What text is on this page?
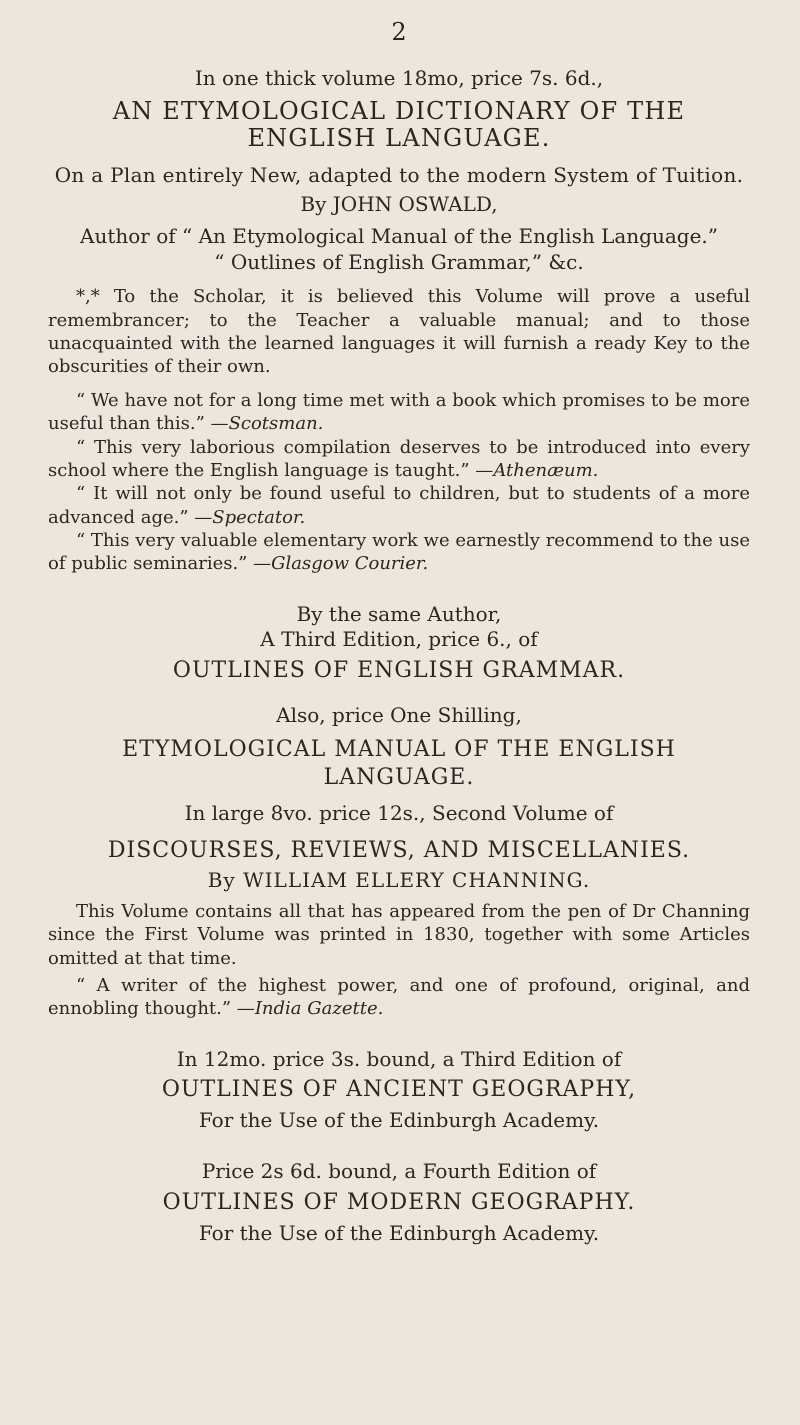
2

In one thick volume 18mo, price 7s. 6d.,

AN ETYMOLOGICAL DICTIONARY OF THE ENGLISH LANGUAGE.

On a Plan entirely New, adapted to the modern System of Tuition.

By JOHN OSWALD,

Author of “ An Etymological Manual of the English Language.”

“ Outlines of English Grammar,” &c.

*,* To the Scholar, it is believed this Volume will prove a useful remembrancer; to the Teacher a valuable manual; and to those unacquainted with the learned languages it will furnish a ready Key to the obscurities of their own.

“ We have not for a long time met with a book which promises to be more useful than this.” —Scotsman.

“ This very laborious compilation deserves to be introduced into every school where the English language is taught.” —Athenæum.

“ It will not only be found useful to children, but to students of a more advanced age.” —Spectator.

“ This very valuable elementary work we earnestly recommend to the use of public seminaries.” —Glasgow Courier.

By the same Author,

A Third Edition, price 6., of

OUTLINES OF ENGLISH GRAMMAR.

Also, price One Shilling,

ETYMOLOGICAL MANUAL OF THE ENGLISH LANGUAGE.

In large 8vo. price 12s., Second Volume of

DISCOURSES, REVIEWS, AND MISCELLANIES.

By WILLIAM ELLERY CHANNING.

This Volume contains all that has appeared from the pen of Dr Channing since the First Volume was printed in 1830, together with some Articles omitted at that time.

“ A writer of the highest power, and one of profound, original, and ennobling thought.” —India Gazette.

In 12mo. price 3s. bound, a Third Edition of

OUTLINES OF ANCIENT GEOGRAPHY,

For the Use of the Edinburgh Academy.

Price 2s 6d. bound, a Fourth Edition of

OUTLINES OF MODERN GEOGRAPHY.

For the Use of the Edinburgh Academy.
